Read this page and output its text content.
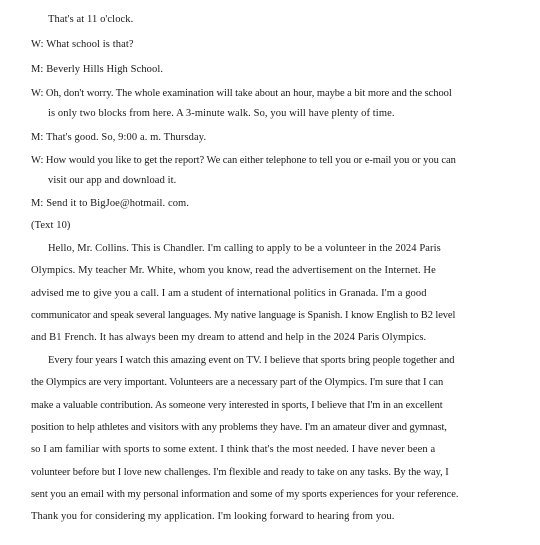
That's at 11 o'clock.
W: What school is that?
M: Beverly Hills High School.
W: Oh, don't worry. The whole examination will take about an hour, maybe a bit more and the school
is only two blocks from here. A 3-minute walk. So, you will have plenty of time.
M: That's good. So, 9:00 a. m. Thursday.
W: How would you like to get the report? We can either telephone to tell you or e-mail you or you can
visit our app and download it.
M: Send it to BigJoe@hotmail. com.
(Text 10)
Hello, Mr. Collins. This is Chandler. I'm calling to apply to be a volunteer in the 2024 Paris
Olympics. My teacher Mr. White, whom you know, read the advertisement on the Internet. He
advised me to give you a call. I am a student of international politics in Granada. I'm a good
communicator and speak several languages. My native language is Spanish. I know English to B2 level
and B1 French. It has always been my dream to attend and help in the 2024 Paris Olympics.
Every four years I watch this amazing event on TV. I believe that sports bring people together and
the Olympics are very important. Volunteers are a necessary part of the Olympics. I'm sure that I can
make a valuable contribution. As someone very interested in sports, I believe that I'm in an excellent
position to help athletes and visitors with any problems they have. I'm an amateur diver and gymnast,
so I am familiar with sports to some extent. I think that's the most needed. I have never been a
volunteer before but I love new challenges. I'm flexible and ready to take on any tasks. By the way, I
sent you an email with my personal information and some of my sports experiences for your reference.
Thank you for considering my application. I'm looking forward to hearing from you.
